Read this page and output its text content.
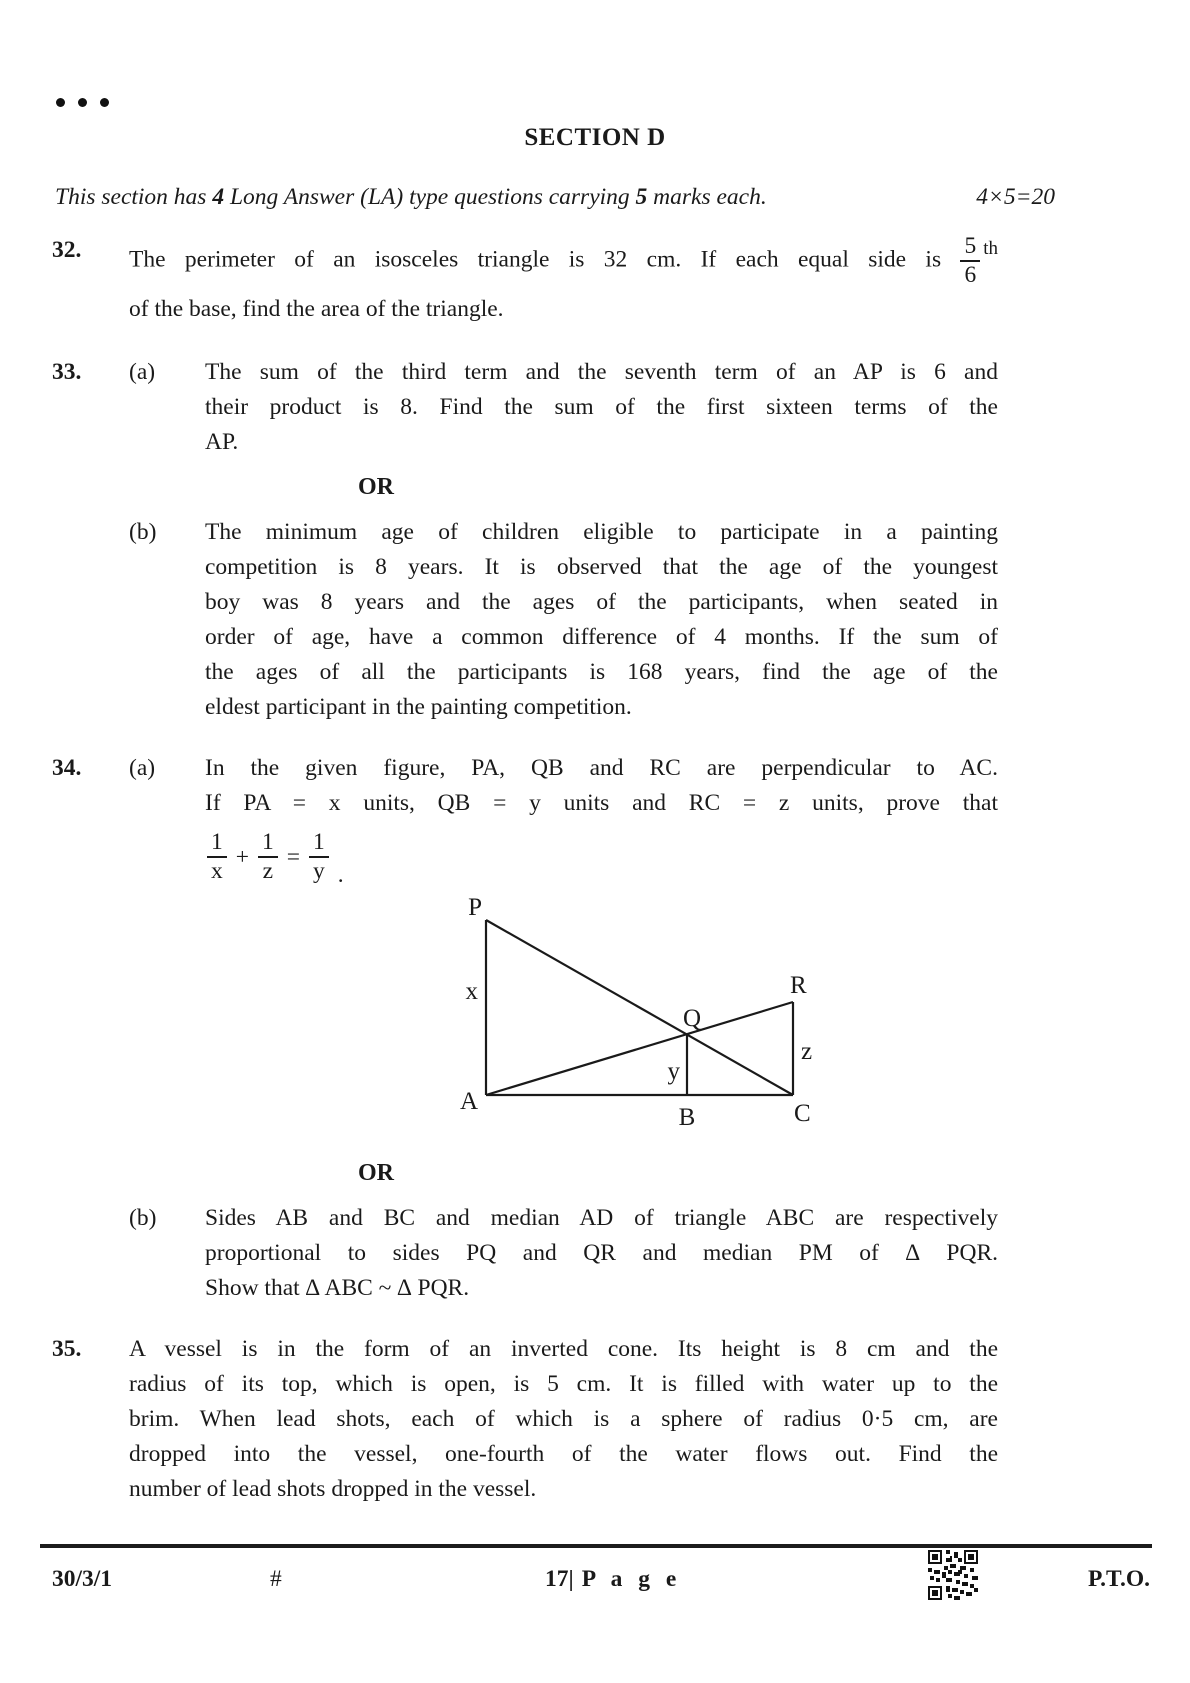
SECTION D
This section has 4 Long Answer (LA) type questions carrying 5 marks each.	4×5=20
32.	The perimeter of an isosceles triangle is 32 cm. If each equal side is $\frac{5}{6}$ th
of the base, find the area of the triangle.
33.	(a)	The sum of the third term and the seventh term of an AP is 6 and
their product is 8. Find the sum of the first sixteen terms of the
AP.
OR
(b)	The minimum age of children eligible to participate in a painting
competition is 8 years. It is observed that the age of the youngest
boy was 8 years and the ages of the participants, when seated in
order of age, have a common difference of 4 months. If the sum of
the ages of all the participants is 168 years, find the age of the
eldest participant in the painting competition.
34.	(a)	In the given figure, PA, QB and RC are perpendicular to AC.
If PA = x units, QB = y units and RC = z units, prove that
$\frac{1}{x} + \frac{1}{z} = \frac{1}{y}$ .
P
x
A
Q
y
B
R
z
C
OR
(b)	Sides AB and BC and median AD of triangle ABC are respectively
proportional to sides PQ and QR and median PM of ∆ PQR.
Show that ∆ ABC ~ ∆ PQR.
35.	A vessel is in the form of an inverted cone. Its height is 8 cm and the
radius of its top, which is open, is 5 cm. It is filled with water up to the
brim. When lead shots, each of which is a sphere of radius 0·5 cm, are
dropped into the vessel, one-fourth of the water flows out. Find the
number of lead shots dropped in the vessel.
30/3/1	#	17| P a g e	P.T.O.
